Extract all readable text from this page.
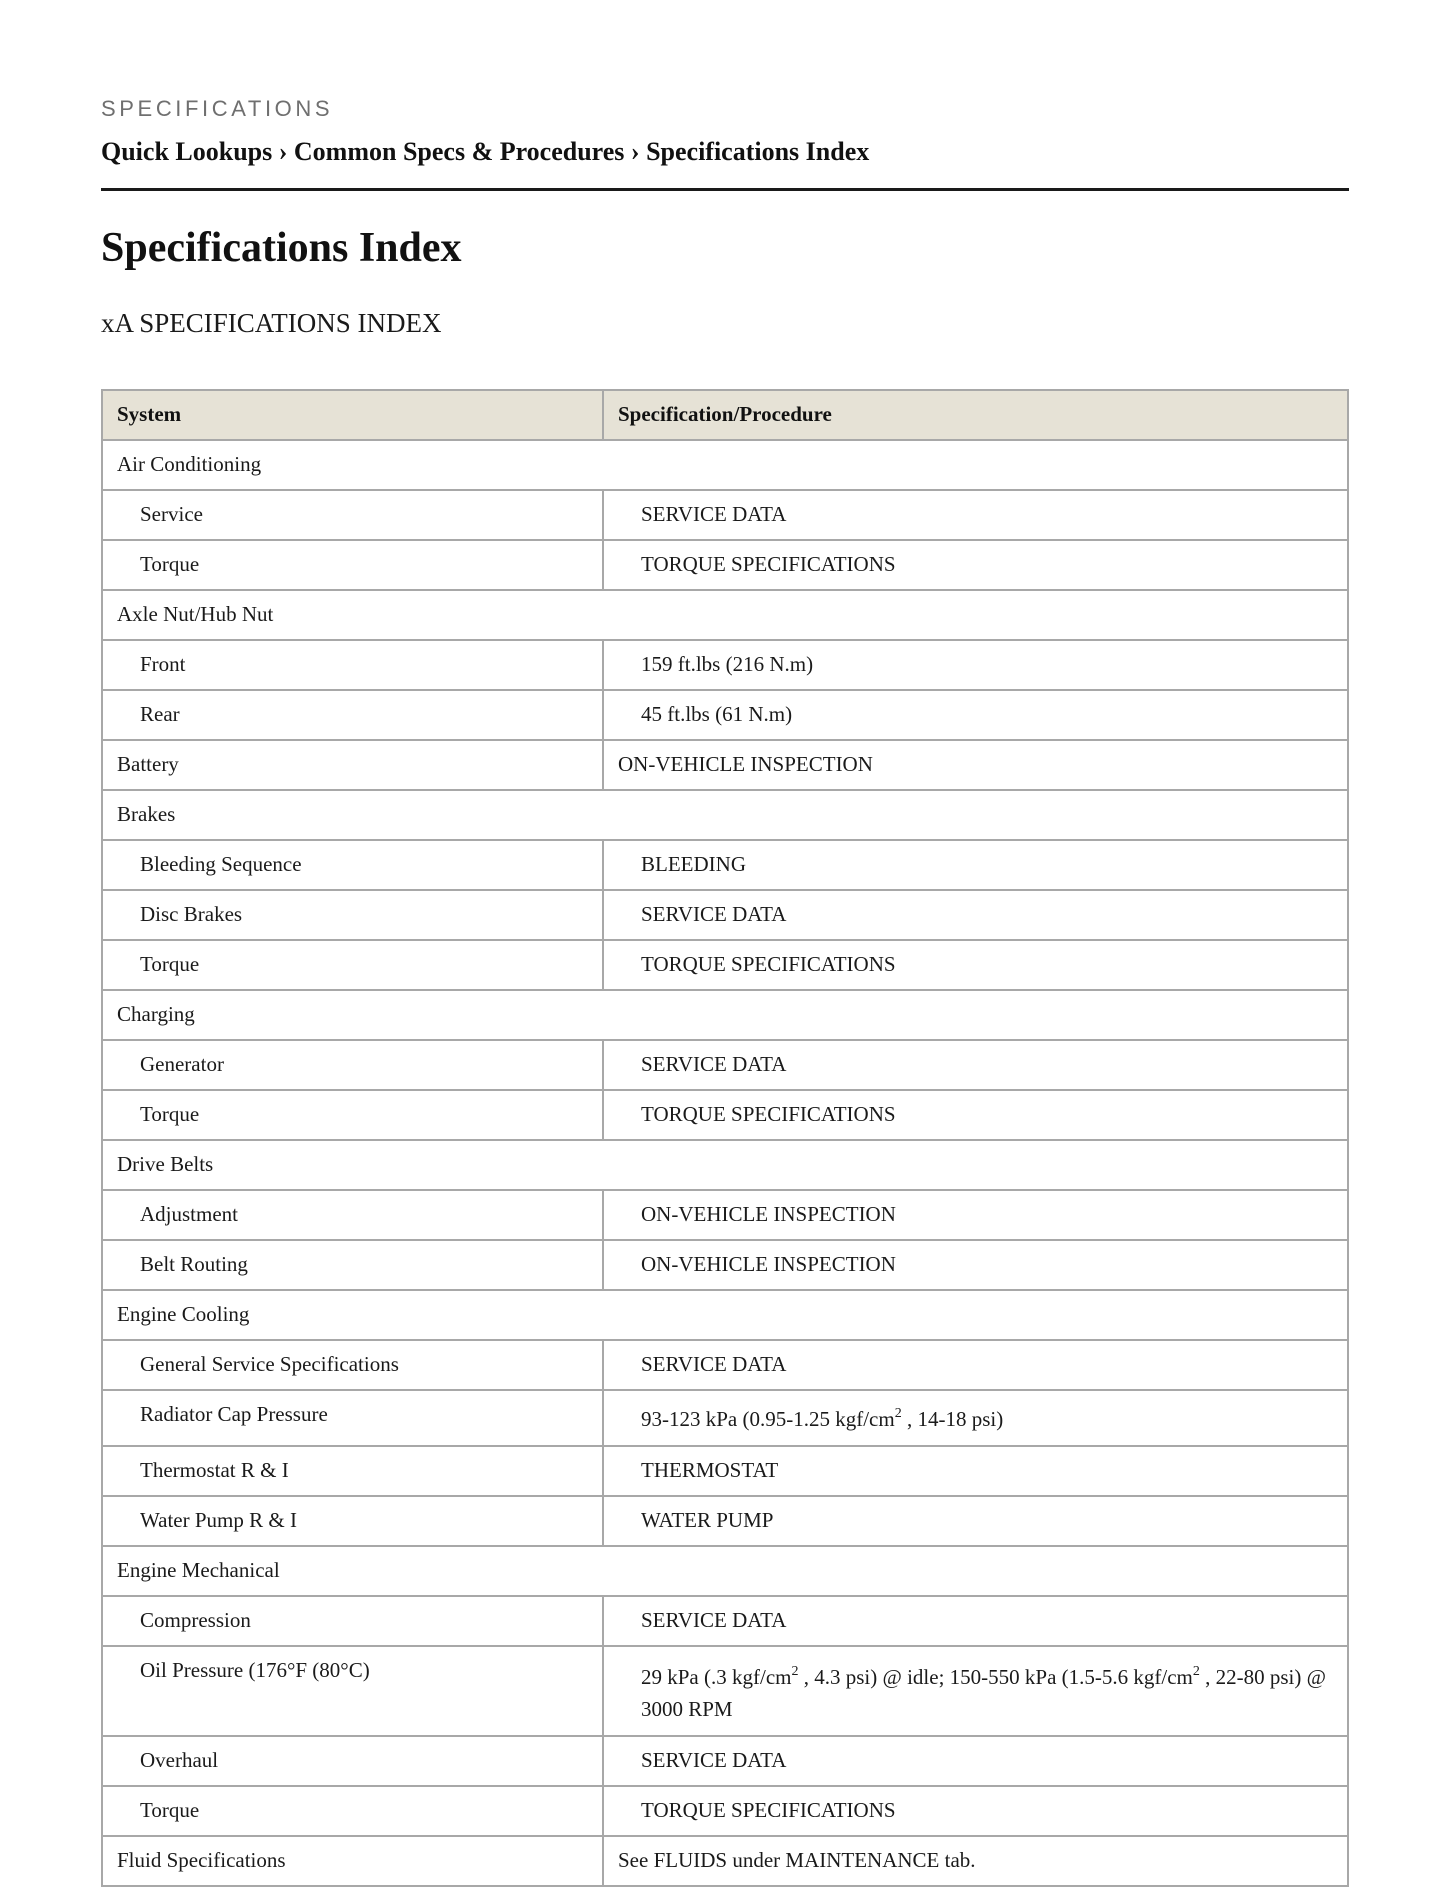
SPECIFICATIONS
Quick Lookups › Common Specs & Procedures › Specifications Index
Specifications Index
xA SPECIFICATIONS INDEX
System	Specification/Procedure
Air Conditioning	
Service	SERVICE DATA
Torque	TORQUE SPECIFICATIONS
Axle Nut/Hub Nut	
Front	159 ft.lbs (216 N.m)
Rear	45 ft.lbs (61 N.m)
Battery	ON-VEHICLE INSPECTION
Brakes	
Bleeding Sequence	BLEEDING
Disc Brakes	SERVICE DATA
Torque	TORQUE SPECIFICATIONS
Charging	
Generator	SERVICE DATA
Torque	TORQUE SPECIFICATIONS
Drive Belts	
Adjustment	ON-VEHICLE INSPECTION
Belt Routing	ON-VEHICLE INSPECTION
Engine Cooling	
General Service Specifications	SERVICE DATA
Radiator Cap Pressure	93-123 kPa (0.95-1.25 kgf/$cm^2$ , 14-18 psi)
Thermostat R & I	THERMOSTAT
Water Pump R & I	WATER PUMP
Engine Mechanical	
Compression	SERVICE DATA
Oil Pressure (176°F (80°C)	29 kPa (.3 kgf/$cm^2$ , 4.3 psi) @ idle; 150-550 kPa (1.5-5.6 kgf/$cm^2$ , 22-80 psi) @ 3000 RPM
Overhaul	SERVICE DATA
Torque	TORQUE SPECIFICATIONS
Fluid Specifications	See FLUIDS under MAINTENANCE tab.
